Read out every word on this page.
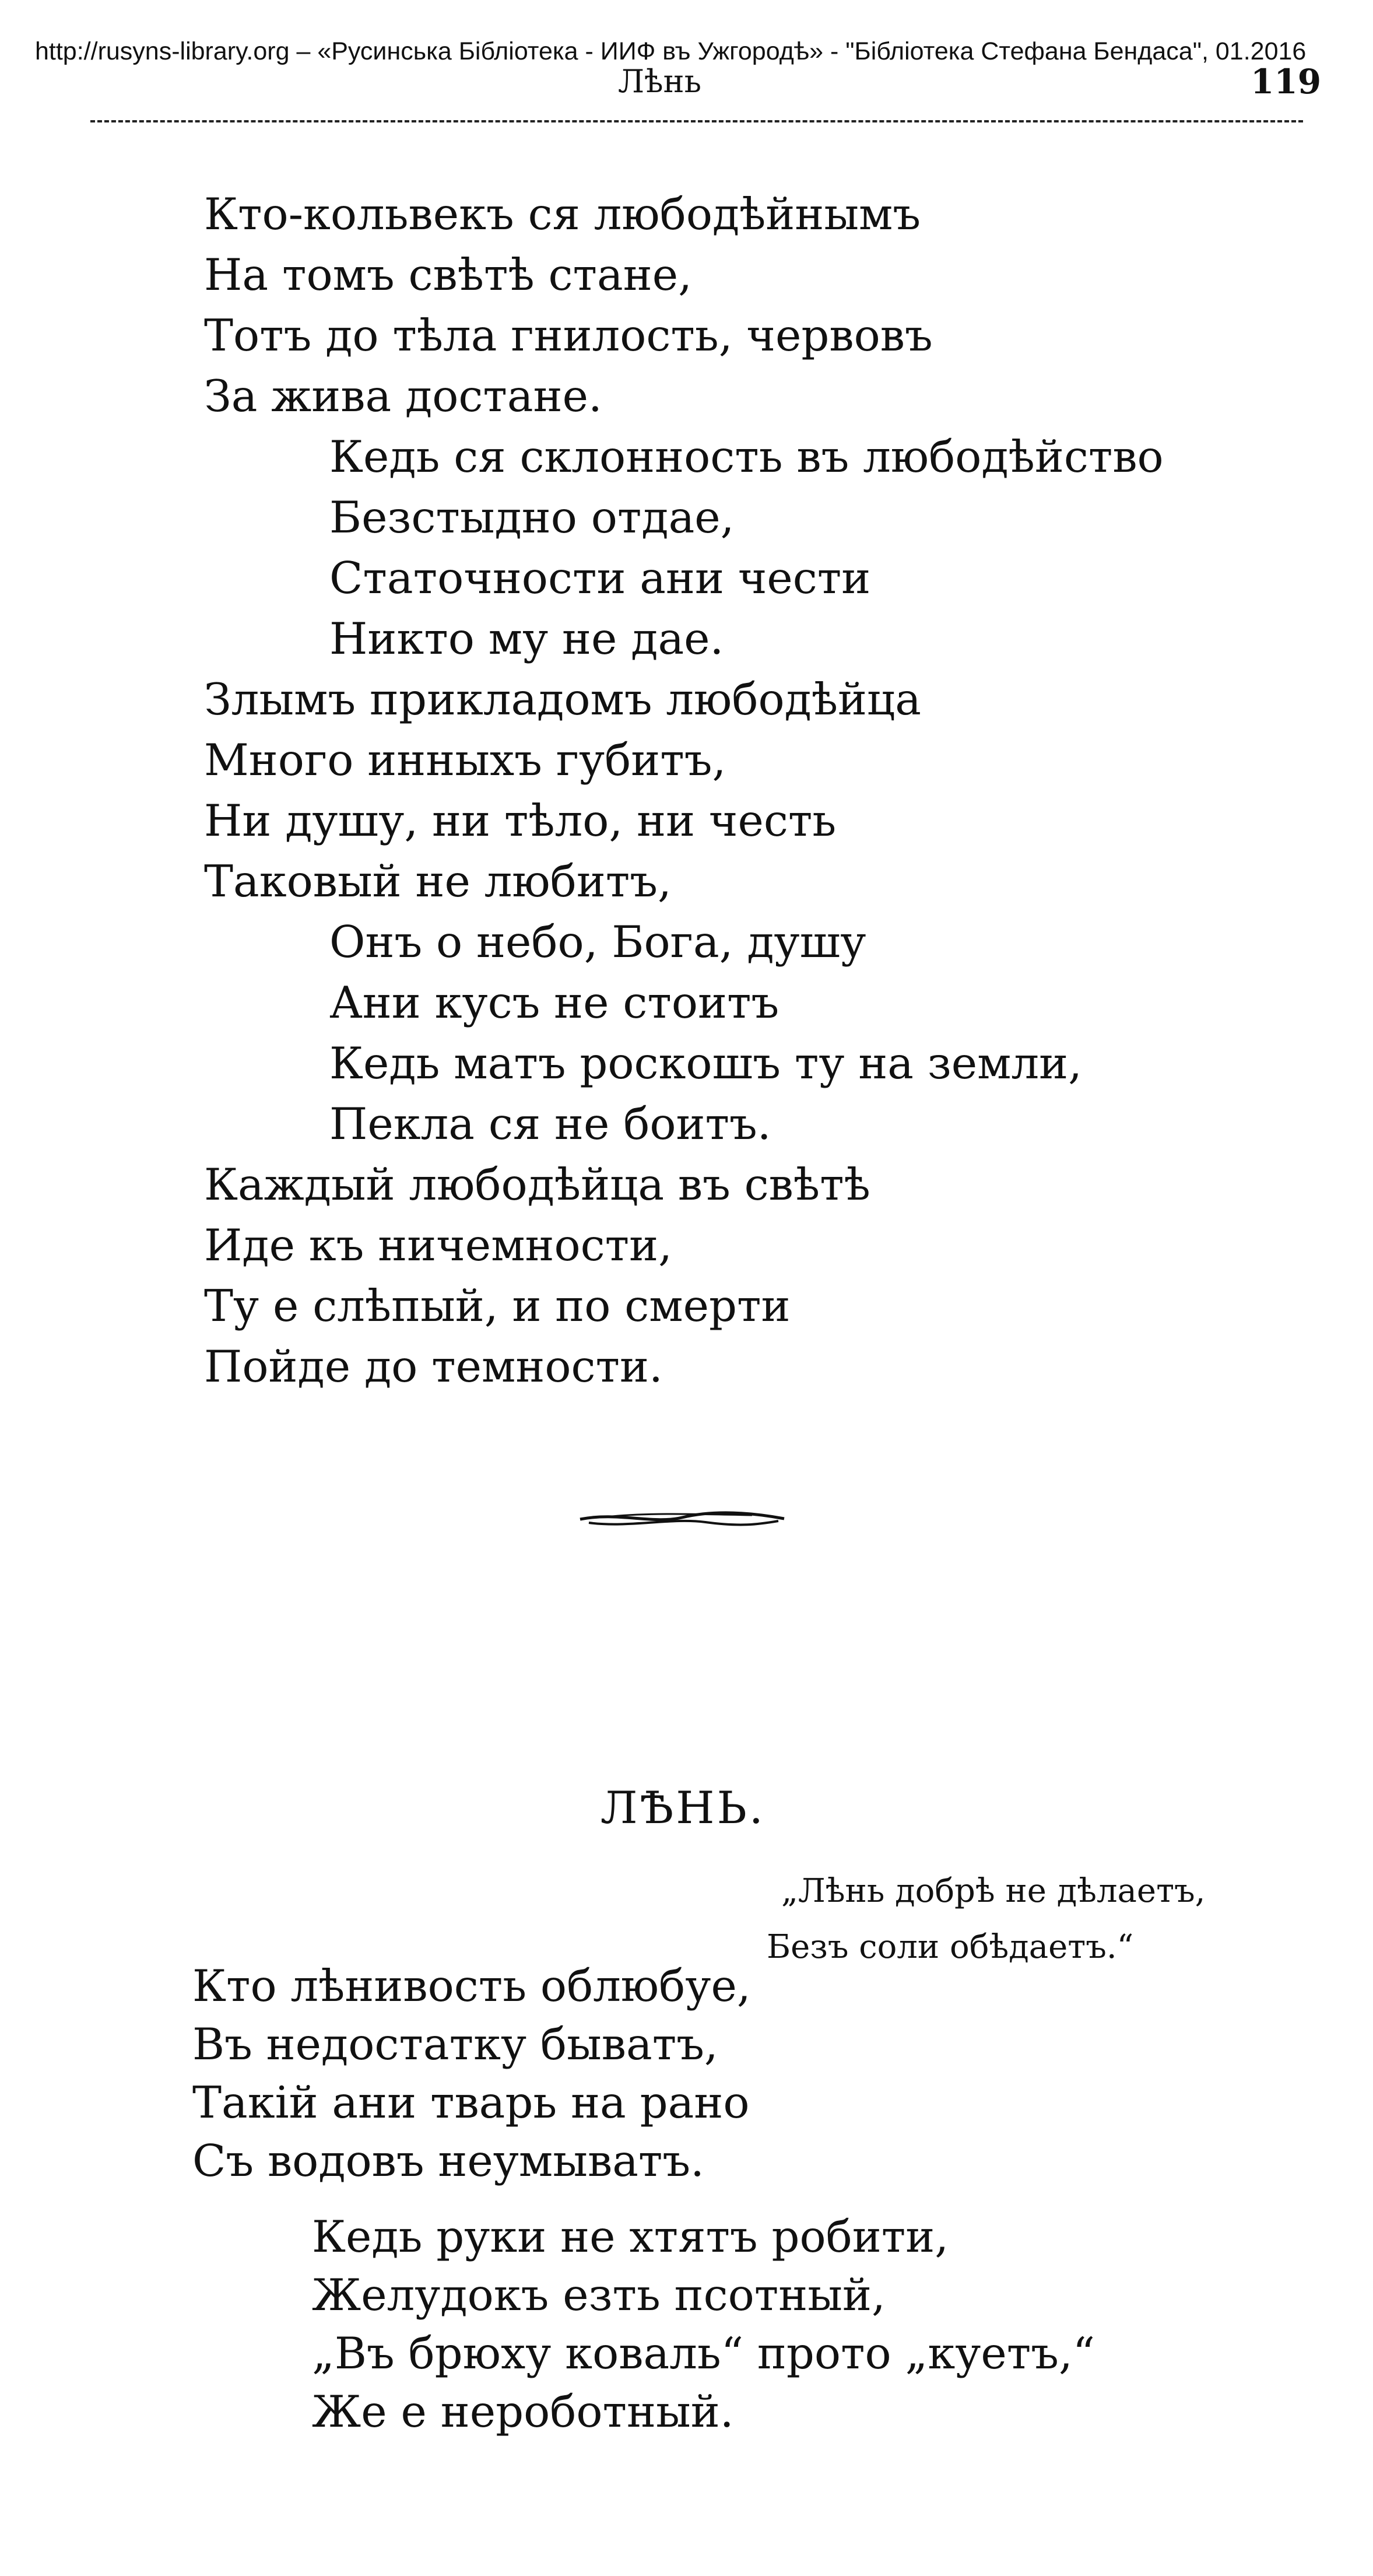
http://rusyns-library.org – «Русинська Бібліотека - ИИФ въ Ужгородѣ» - "Бібліотека Стефана Бендаса", 01.2016
Лѣнь	119
Кто-кольвекъ ся любодѣйнымъ
На томъ свѣтѣ стане,
Тотъ до тѣла гнилость, червовъ
За жива достане.
Кедь ся склонность въ любодѣйство
Безстыдно отдае,
Статочности ани чести
Никто му не дае.
Злымъ прикладомъ любодѣйца
Много инныхъ губитъ,
Ни душу, ни тѣло, ни честь
Таковый не любитъ,
Онъ о небо, Бога, душу
Ани кусъ не стоитъ
Кедь матъ роскошъ ту на земли,
Пекла ся не боитъ.
Каждый любодѣйца въ свѣтѣ
Иде къ ничемности,
Ту е слѣпый, и по смерти
Пойде до темности.
ЛѢНЬ.
„Лѣнь добрѣ не дѣлаетъ,
Безъ соли обѣдаетъ.“
Кто лѣнивость облюбуе,
Въ недостатку быватъ,
Такій ани тварь на рано
Съ водовъ неумыватъ.
Кедь руки не хтятъ робити,
Желудокъ езть псотный,
„Въ брюху коваль“ прото „куетъ,“
Же е нероботный.
